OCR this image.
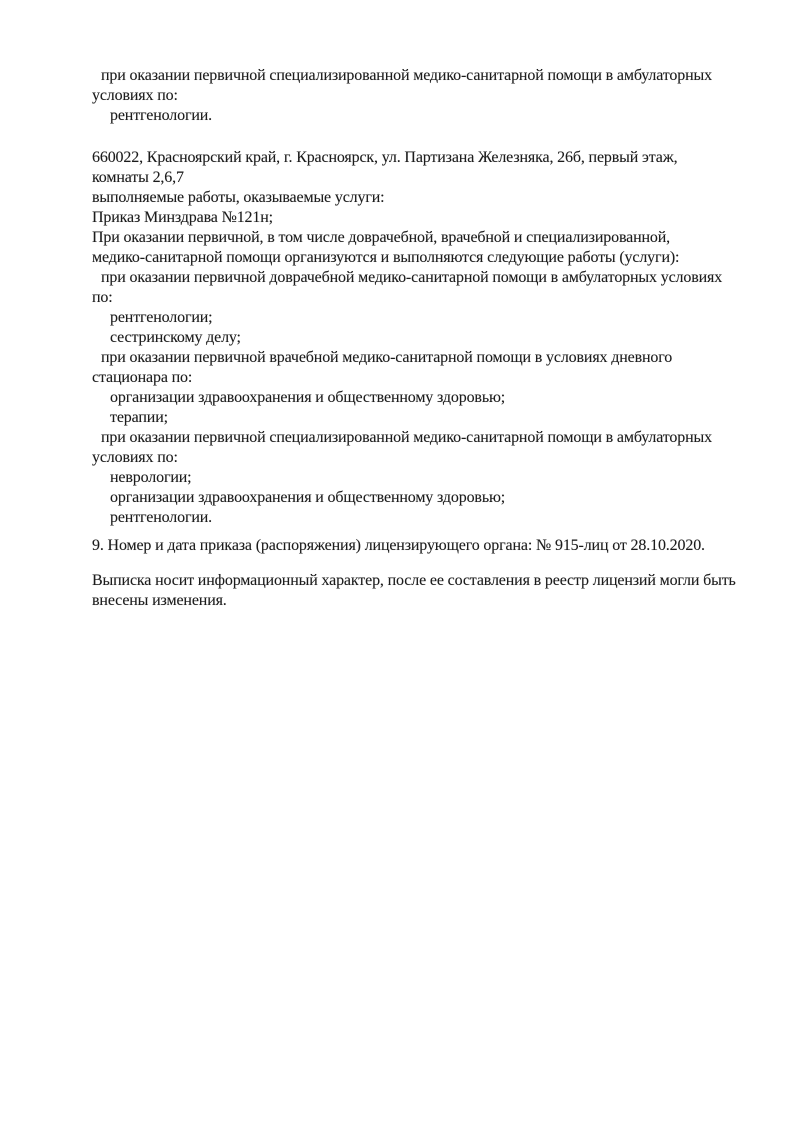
при оказании первичной специализированной медико-санитарной помощи в амбулаторных
условиях по:
рентгенологии.
660022, Красноярский край, г. Красноярск, ул. Партизана Железняка, 26б, первый этаж,
комнаты 2,6,7
выполняемые работы, оказываемые услуги:
Приказ Минздрава №121н;
При оказании первичной, в том числе доврачебной, врачебной и специализированной,
медико-санитарной помощи организуются и выполняются следующие работы (услуги):
при оказании первичной доврачебной медико-санитарной помощи в амбулаторных условиях
по:
рентгенологии;
сестринскому делу;
при оказании первичной врачебной медико-санитарной помощи в условиях дневного
стационара по:
организации здравоохранения и общественному здоровью;
терапии;
при оказании первичной специализированной медико-санитарной помощи в амбулаторных
условиях по:
неврологии;
организации здравоохранения и общественному здоровью;
рентгенологии.
9. Номер и дата приказа (распоряжения) лицензирующего органа: № 915-лиц от 28.10.2020.
Выписка носит информационный характер, после ее составления в реестр лицензий могли быть
внесены изменения.
